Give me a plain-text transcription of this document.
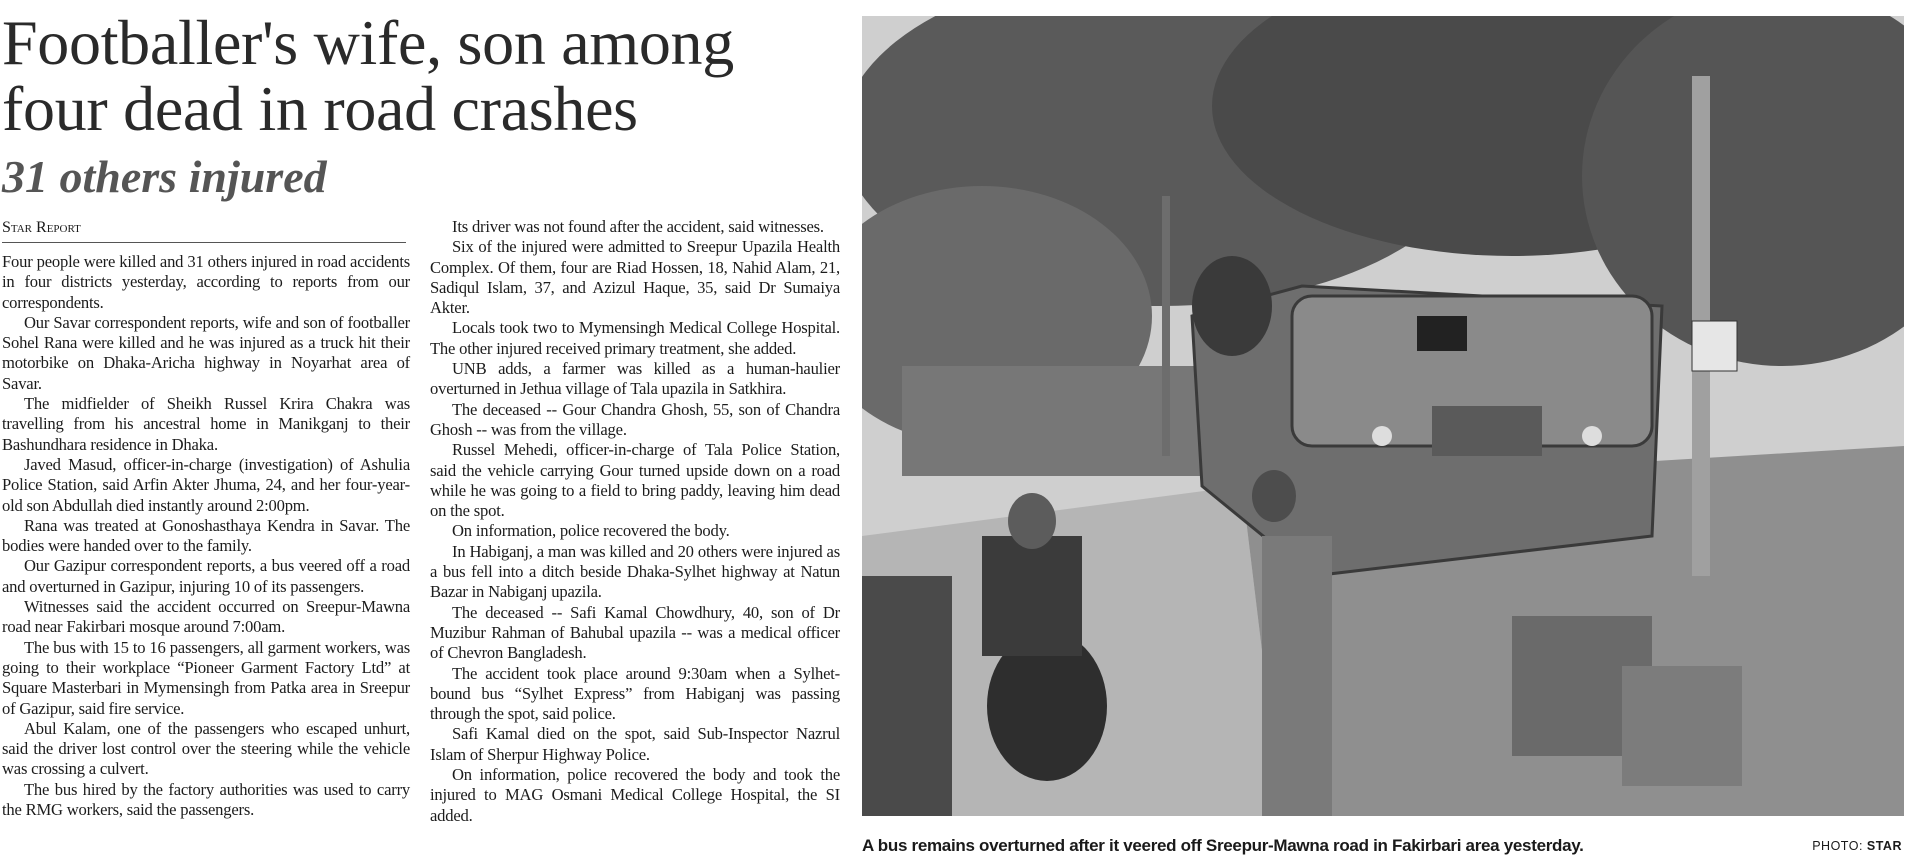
Footballer's wife, son among
four dead in road crashes
31 others injured
Star Report

Four people were killed and 31 others injured in road accidents in four districts yesterday, according to reports from our correspondents.

Our Savar correspondent reports, wife and son of footballer Sohel Rana were killed and he was injured as a truck hit their motorbike on Dhaka-Aricha highway in Noyarhat area of Savar.

The midfielder of Sheikh Russel Krira Chakra was travelling from his ancestral home in Manikganj to their Bashundhara residence in Dhaka.

Javed Masud, officer-in-charge (investigation) of Ashulia Police Station, said Arfin Akter Jhuma, 24, and her four-year-old son Abdullah died instantly around 2:00pm.

Rana was treated at Gonoshasthaya Kendra in Savar. The bodies were handed over to the family.

Our Gazipur correspondent reports, a bus veered off a road and overturned in Gazipur, injuring 10 of its passengers.

Witnesses said the accident occurred on Sreepur-Mawna road near Fakirbari mosque around 7:00am.

The bus with 15 to 16 passengers, all garment workers, was going to their workplace “Pioneer Garment Factory Ltd” at Square Masterbari in Mymensingh from Patka area in Sreepur of Gazipur, said fire service.

Abul Kalam, one of the passengers who escaped unhurt, said the driver lost control over the steering while the vehicle was crossing a culvert.

The bus hired by the factory authorities was used to carry the RMG workers, said the passengers.

Its driver was not found after the accident, said witnesses.

Six of the injured were admitted to Sreepur Upazila Health Complex. Of them, four are Riad Hossen, 18, Nahid Alam, 21, Sadiqul Islam, 37, and Azizul Haque, 35, said Dr Sumaiya Akter.

Locals took two to Mymensingh Medical College Hospital. The other injured received primary treatment, she added.

UNB adds, a farmer was killed as a human-haulier overturned in Jethua village of Tala upazila in Satkhira.

The deceased -- Gour Chandra Ghosh, 55, son of Chandra Ghosh -- was from the village.

Russel Mehedi, officer-in-charge of Tala Police Station, said the vehicle carrying Gour turned upside down on a road while he was going to a field to bring paddy, leaving him dead on the spot.

On information, police recovered the body.

In Habiganj, a man was killed and 20 others were injured as a bus fell into a ditch beside Dhaka-Sylhet highway at Natun Bazar in Nabiganj upazila.

The deceased -- Safi Kamal Chowdhury, 40, son of Dr Muzibur Rahman of Bahubal upazila -- was a medical officer of Chevron Bangladesh.

The accident took place around 9:30am when a Sylhet-bound bus “Sylhet Express” from Habiganj was passing through the spot, said police.

Safi Kamal died on the spot, said Sub-Inspector Nazrul Islam of Sherpur Highway Police.

On information, police recovered the body and took the injured to MAG Osmani Medical College Hospital, the SI added.

A bus remains overturned after it veered off Sreepur-Mawna road in Fakirbari area yesterday.	PHOTO: STAR
